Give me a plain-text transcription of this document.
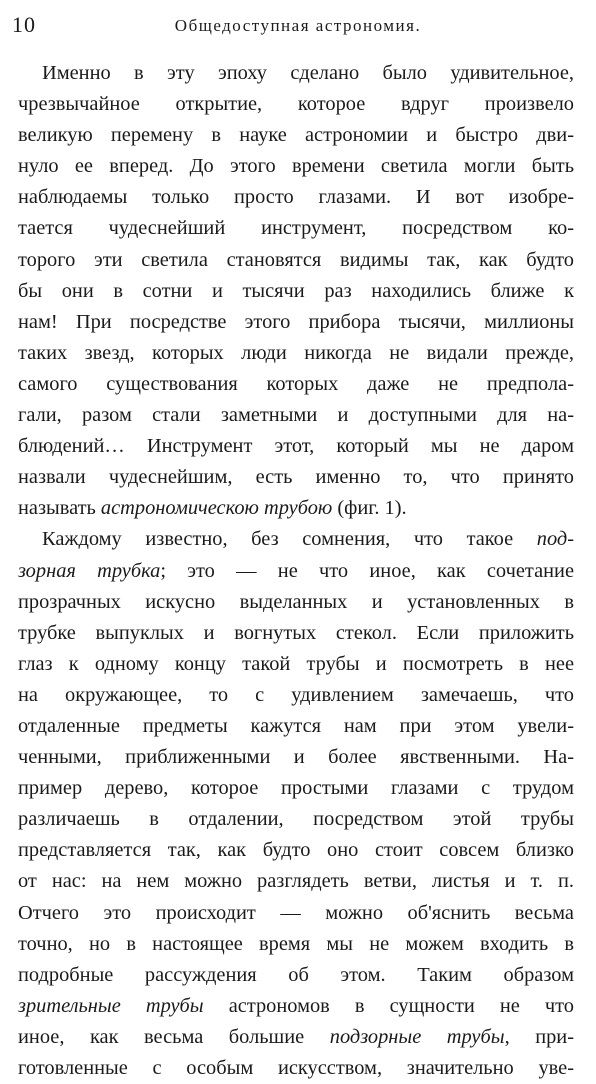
10	Общедоступная астрономия.
Именно в эту эпоху сделано было удивительное,
чрезвычайное открытие, которое вдруг произвело
великую перемену в науке астрономии и быстро дви-
нуло ее вперед. До этого времени светила могли быть
наблюдаемы только просто глазами. И вот изобре-
тается чудеснейший инструмент, посредством ко-
торого эти светила становятся видимы так, как будто
бы они в сотни и тысячи раз находились ближе к
нам! При посредстве этого прибора тысячи, миллионы
таких звезд, которых люди никогда не видали прежде,
самого существования которых даже не предпола-
гали, разом стали заметными и доступными для на-
блюдений… Инструмент этот, который мы не даром
назвали чудеснейшим, есть именно то, что принято
называть астрономическою трубою (фиг. 1).
Каждому известно, без сомнения, что такое под-
зорная трубка; это — не что иное, как сочетание
прозрачных искусно выделанных и установленных в
трубке выпуклых и вогнутых стекол. Если приложить
глаз к одному концу такой трубы и посмотреть в нее
на окружающее, то с удивлением замечаешь, что
отдаленные предметы кажутся нам при этом увели-
ченными, приближенными и более явственными. На-
пример дерево, которое простыми глазами с трудом
различаешь в отдалении, посредством этой трубы
представляется так, как будто оно стоит совсем близко
от нас: на нем можно разглядеть ветви, листья и т. п.
Отчего это происходит — можно об'яснить весьма
точно, но в настоящее время мы не можем входить в
подробные рассуждения об этом. Таким образом
зрительные трубы астрономов в сущности не что
иное, как весьма большие подзорные трубы, при-
готовленные с особым искусством, значительно уве-
